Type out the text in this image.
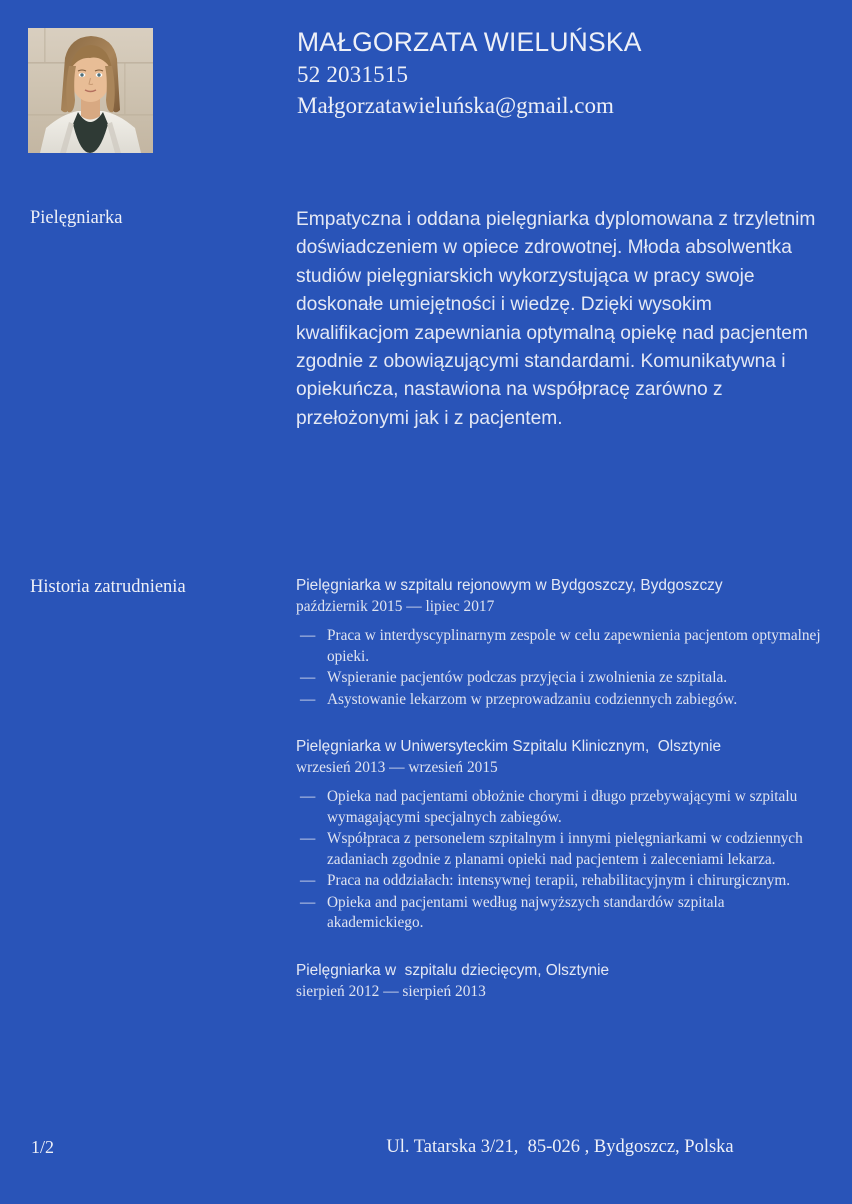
MAŁGORZATA WIELUŃSKA
52 2031515
Małgorzatawieluńska@gmail.com
Pielęgniarka	Empatyczna i oddana pielęgniarka dyplomowana z trzyletnim doświadczeniem w opiece zdrowotnej. Młoda absolwentka studiów pielęgniarskich wykorzystująca w pracy swoje doskonałe umiejętności i wiedzę. Dzięki wysokim kwalifikacjom zapewniania optymalną opiekę nad pacjentem zgodnie z obowiązującymi standardami. Komunikatywna i opiekuńcza, nastawiona na współpracę zarówno z przełożonymi jak i z pacjentem.
Historia zatrudnienia	Pielęgniarka w szpitalu rejonowym w Bydgoszczy, Bydgoszczy
październik 2015 — lipiec 2017
— Praca w interdyscyplinarnym zespole w celu zapewnienia pacjentom optymalnej opieki.
— Wspieranie pacjentów podczas przyjęcia i zwolnienia ze szpitala.
— Asystowanie lekarzom w przeprowadzaniu codziennych zabiegów.
Pielęgniarka w Uniwersyteckim Szpitalu Klinicznym,  Olsztynie
wrzesień 2013 — wrzesień 2015
— Opieka nad pacjentami obłożnie chorymi i długo przebywającymi w szpitalu wymagającymi specjalnych zabiegów.
— Współpraca z personelem szpitalnym i innymi pielęgniarkami w codziennych zadaniach zgodnie z planami opieki nad pacjentem i zaleceniami lekarza.
— Praca na oddziałach: intensywnej terapii, rehabilitacyjnym i chirurgicznym.
— Opieka and pacjentami według najwyższych standardów szpitala akademickiego.
Pielęgniarka w  szpitalu dziecięcym, Olsztynie
sierpień 2012 — sierpień 2013
1/2	Ul. Tatarska 3/21,  85-026 , Bydgoszcz, Polska
